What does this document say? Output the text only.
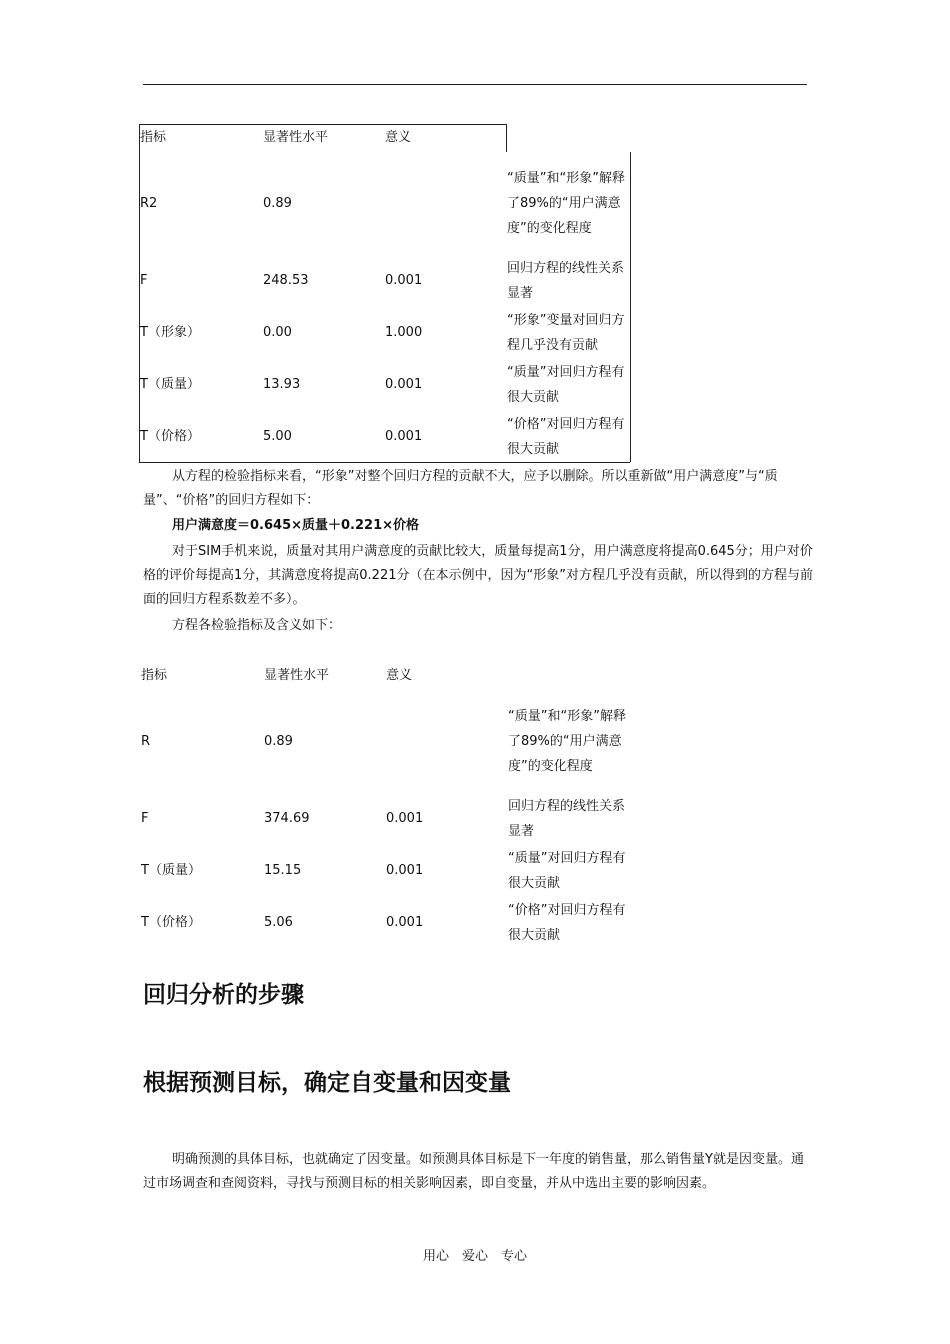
指标	显著性水平	意义	
R2	0.89		“质量”和“形象”解释了89%的“用户满意度”的变化程度

F	248.53	0.001	回归方程的线性关系显著

T（形象）	0.00	1.000	“形象”变量对回归方程几乎没有贡献

T（质量）	13.93	0.001	“质量”对回归方程有很大贡献

T（价格）	5.00	0.001	“价格”对回归方程有很大贡献

从方程的检验指标来看，“形象”对整个回归方程的贡献不大，应予以删除。所以重新做“用户满意度”与“质量”、“价格”的回归方程如下：

用户满意度＝0.645×质量＋0.221×价格

对于SIM手机来说，质量对其用户满意度的贡献比较大，质量每提高1分，用户满意度将提高0.645分；用户对价格的评价每提高1分，其满意度将提高0.221分（在本示例中，因为“形象”对方程几乎没有贡献，所以得到的方程与前面的回归方程系数差不多）。

方程各检验指标及含义如下：

指标	显著性水平	意义	
R	0.89		“质量”和“形象”解释了89%的“用户满意度”的变化程度

F	374.69	0.001	回归方程的线性关系显著

T（质量）	15.15	0.001	“质量”对回归方程有很大贡献

T（价格）	5.06	0.001	“价格”对回归方程有很大贡献
回归分析的步骤
根据预测目标，确定自变量和因变量

明确预测的具体目标，也就确定了因变量。如预测具体目标是下一年度的销售量，那么销售量Y就是因变量。通过市场调查和查阅资料，寻找与预测目标的相关影响因素，即自变量，并从中选出主要的影响因素。

用心　爱心　专心
